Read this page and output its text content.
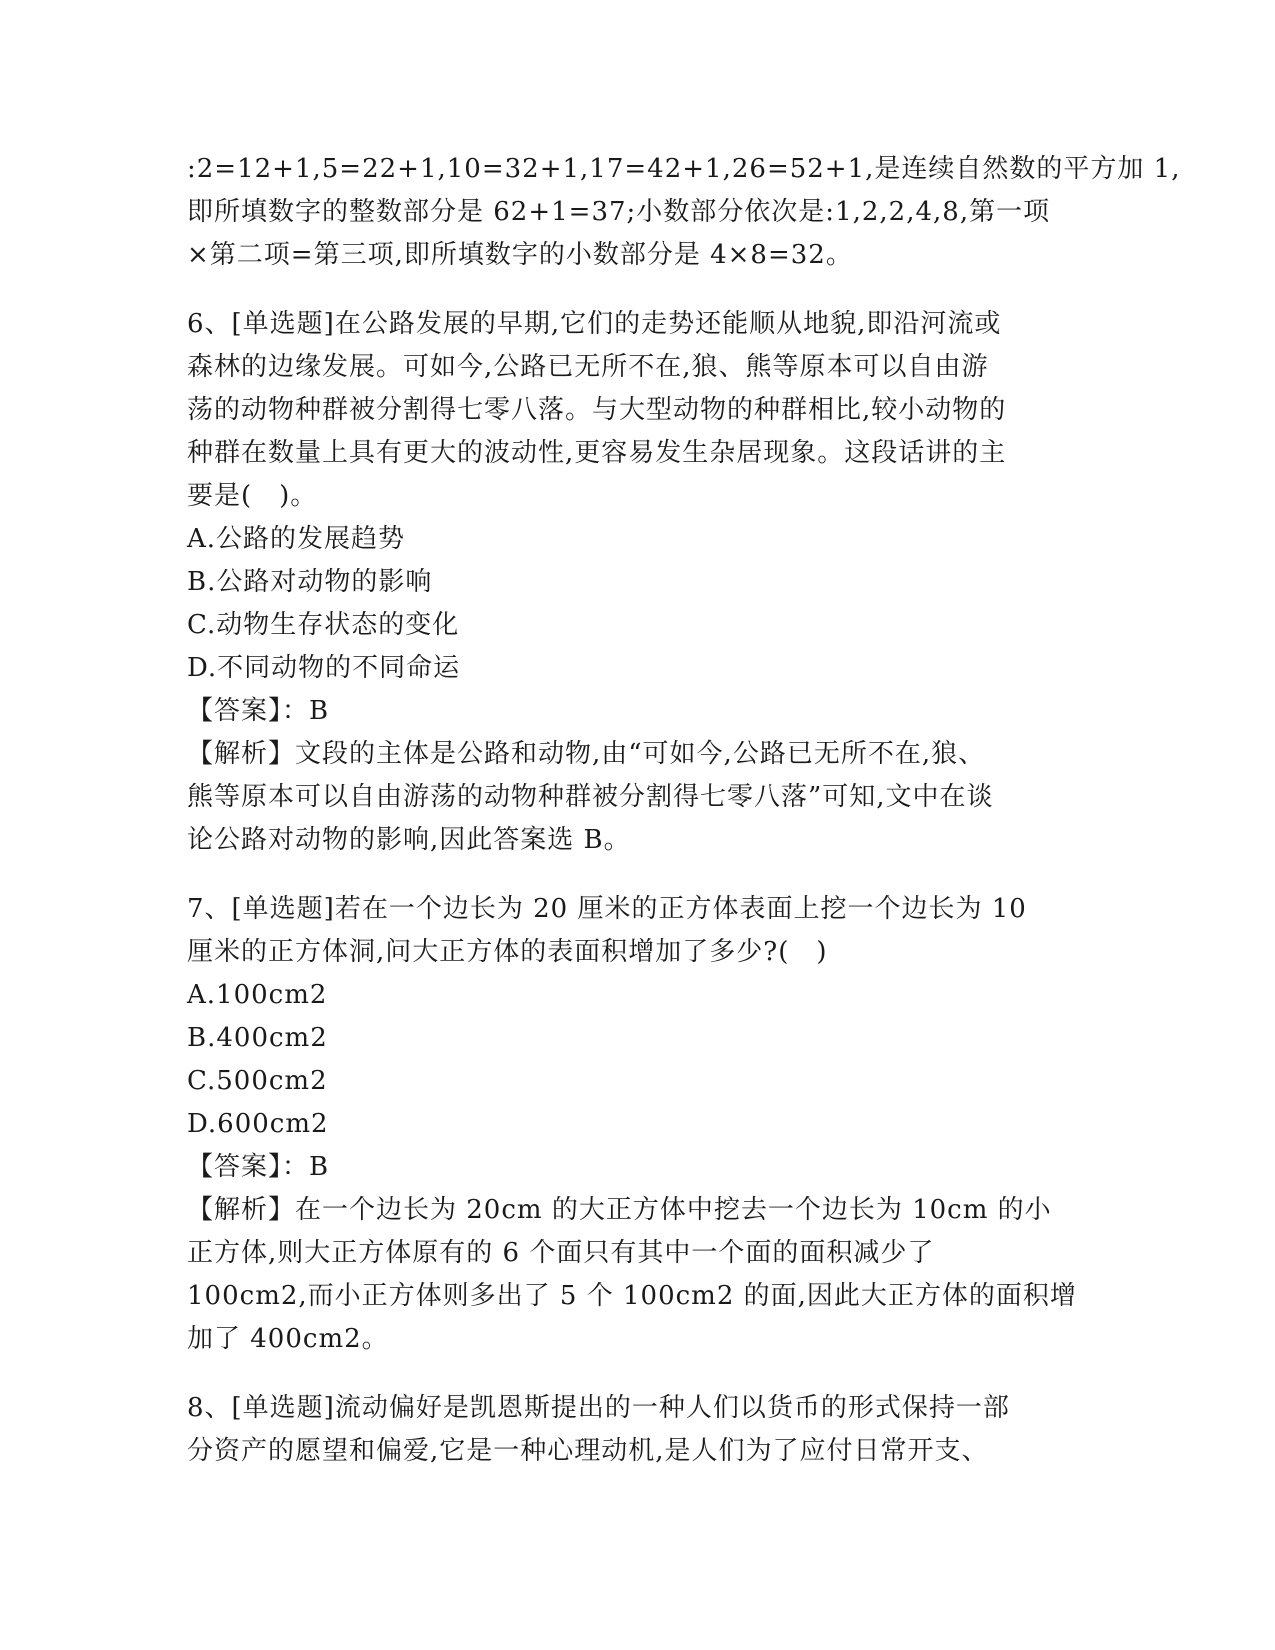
:2=12+1,5=22+1,10=32+1,17=42+1,26=52+1,是连续自然数的平方加 1,
即所填数字的整数部分是 62+1=37;小数部分依次是:1,2,2,4,8,第一项
×第二项=第三项,即所填数字的小数部分是 4×8=32。
6、[单选题]在公路发展的早期,它们的走势还能顺从地貌,即沿河流或
森林的边缘发展。可如今,公路已无所不在,狼、熊等原本可以自由游
荡的动物种群被分割得七零八落。与大型动物的种群相比,较小动物的
种群在数量上具有更大的波动性,更容易发生杂居现象。这段话讲的主
要是(　)。
A.公路的发展趋势
B.公路对动物的影响
C.动物生存状态的变化
D.不同动物的不同命运
【答案】：B
【解析】文段的主体是公路和动物,由“可如今,公路已无所不在,狼、
熊等原本可以自由游荡的动物种群被分割得七零八落”可知,文中在谈
论公路对动物的影响,因此答案选 B。
7、[单选题]若在一个边长为 20 厘米的正方体表面上挖一个边长为 10
厘米的正方体洞,问大正方体的表面积增加了多少?(　)
A.100cm2
B.400cm2
C.500cm2
D.600cm2
【答案】：B
【解析】在一个边长为 20cm 的大正方体中挖去一个边长为 10cm 的小
正方体,则大正方体原有的 6 个面只有其中一个面的面积减少了
100cm2,而小正方体则多出了 5 个 100cm2 的面,因此大正方体的面积增
加了 400cm2。
8、[单选题]流动偏好是凯恩斯提出的一种人们以货币的形式保持一部
分资产的愿望和偏爱,它是一种心理动机,是人们为了应付日常开支、
